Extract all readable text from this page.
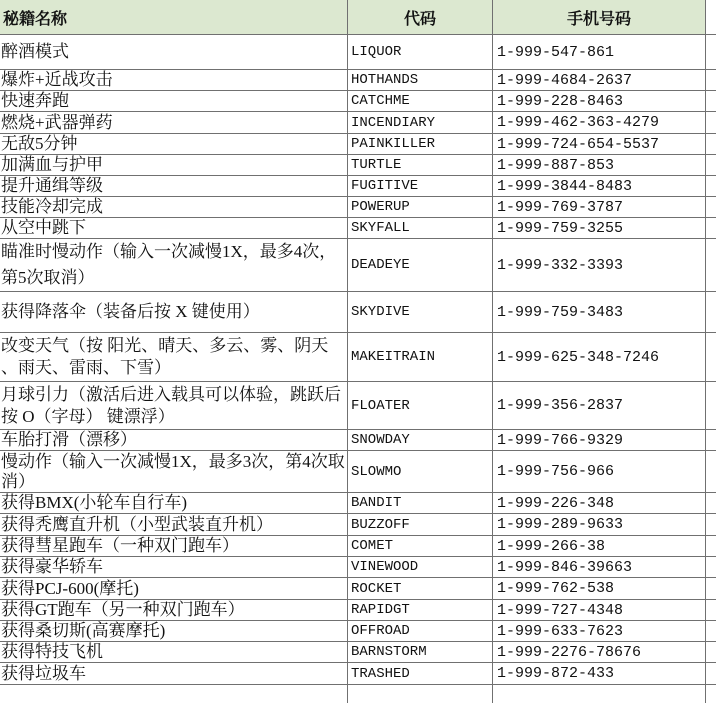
秘籍名称	代码	手机号码
醉酒模式	LIQUOR	1-999-547-861
爆炸+近战攻击	HOTHANDS	1-999-4684-2637
快速奔跑	CATCHME	1-999-228-8463
燃烧+武器弹药	INCENDIARY	1-999-462-363-4279
无敌5分钟	PAINKILLER	1-999-724-654-5537
加满血与护甲	TURTLE	1-999-887-853
提升通缉等级	FUGITIVE	1-999-3844-8483
技能冷却完成	POWERUP	1-999-769-3787
从空中跳下	SKYFALL	1-999-759-3255
瞄准时慢动作（输入一次减慢1X，最多4次，
第5次取消）
DEADEYE	1-999-332-3393
获得降落伞（装备后按 X 键使用）	SKYDIVE	1-999-759-3483
改变天气（按 阳光、晴天、多云、雾、阴天
、雨天、雷雨、下雪）
MAKEITRAIN	1-999-625-348-7246
月球引力（激活后进入载具可以体验，跳跃后
按 O（字母） 键漂浮）
FLOATER	1-999-356-2837
车胎打滑（漂移）	SNOWDAY	1-999-766-9329
慢动作（输入一次减慢1X，最多3次，第4次取
消）	SLOWMO	1-999-756-966
获得BMX(小轮车自行车)	BANDIT	1-999-226-348
获得秃鹰直升机（小型武装直升机）	BUZZOFF	1-999-289-9633
获得彗星跑车（一种双门跑车）	COMET	1-999-266-38
获得豪华轿车	VINEWOOD	1-999-846-39663
获得PCJ-600(摩托)	ROCKET	1-999-762-538
获得GT跑车（另一种双门跑车）	RAPIDGT	1-999-727-4348
获得桑切斯(高赛摩托)	OFFROAD	1-999-633-7623
获得特技飞机	BARNSTORM	1-999-2276-78676
获得垃圾车	TRASHED	1-999-872-433
